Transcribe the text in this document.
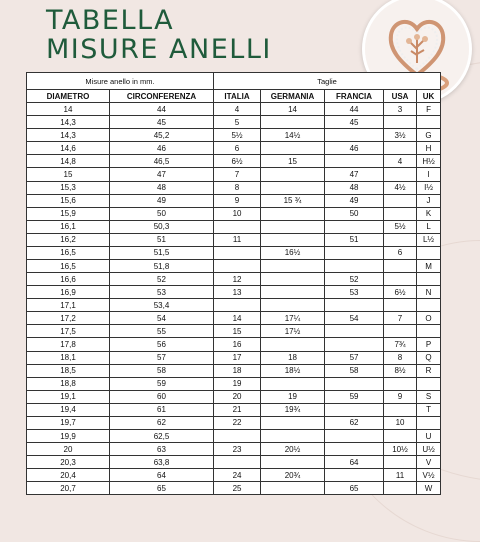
TABELLA
MISURE ANELLI
Misure anello in mm.		Taglie				
DIAMETRO	CIRCONFERENZA	ITALIA	GERMANIA	FRANCIA	USA	UK
14	44	4	14	44	3	F
14,3	45	5		45		
14,3	45,2	5½	14½		3½	G
14,6	46	6		46		H
14,8	46,5	6½	15		4	H½
15	47	7		47		I
15,3	48	8		48	4½	I½
15,6	49	9	15 ¾	49		J
15,9	50	10		50		K
16,1	50,3				5½	L
16,2	51	11		51		L½
16,5	51,5		16½		6	
16,5	51,8					M
16,6	52	12		52		
16,9	53	13		53	6½	N
17,1	53,4					
17,2	54	14	17¼	54	7	O
17,5	55	15	17½			
17,8	56	16			7¾	P
18,1	57	17	18	57	8	Q
18,5	58	18	18½	58	8½	R
18,8	59	19				
19,1	60	20	19	59	9	S
19,4	61	21	19¾			T
19,7	62	22		62	10	
19,9	62,5					U
20	63	23	20½		10½	U½
20,3	63,8			64		V
20,4	64	24	20¾		11	V½
20,7	65	25		65		W
